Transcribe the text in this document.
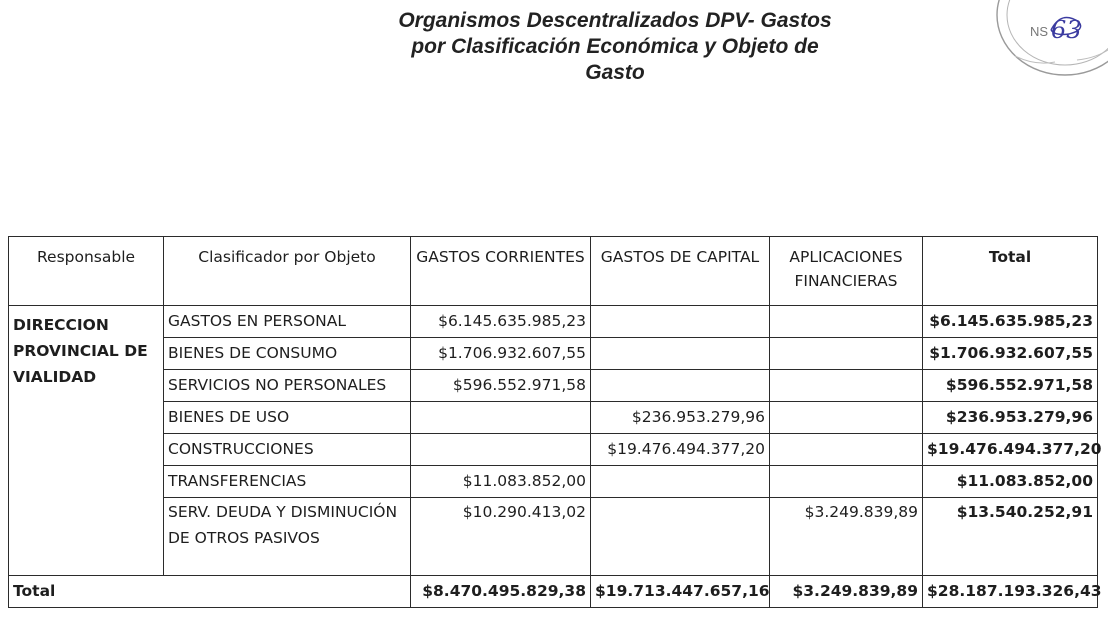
Organismos Descentralizados DPV- Gastos
por Clasificación Económica y Objeto de
Gasto
NS 63
Responsable	Clasificador por Objeto	GASTOS CORRIENTES	GASTOS DE CAPITAL	APLICACIONES FINANCIERAS	Total
DIRECCION PROVINCIAL DE VIALIDAD	GASTOS EN PERSONAL	$6.145.635.985,23			$6.145.635.985,23
	BIENES DE CONSUMO	$1.706.932.607,55			$1.706.932.607,55
	SERVICIOS NO PERSONALES	$596.552.971,58			$596.552.971,58
	BIENES DE USO		$236.953.279,96		$236.953.279,96
	CONSTRUCCIONES		$19.476.494.377,20		$19.476.494.377,20
	TRANSFERENCIAS	$11.083.852,00			$11.083.852,00
	SERV. DEUDA Y DISMINUCIÓN DE OTROS PASIVOS	$10.290.413,02		$3.249.839,89	$13.540.252,91
Total		$8.470.495.829,38	$19.713.447.657,16	$3.249.839,89	$28.187.193.326,43
